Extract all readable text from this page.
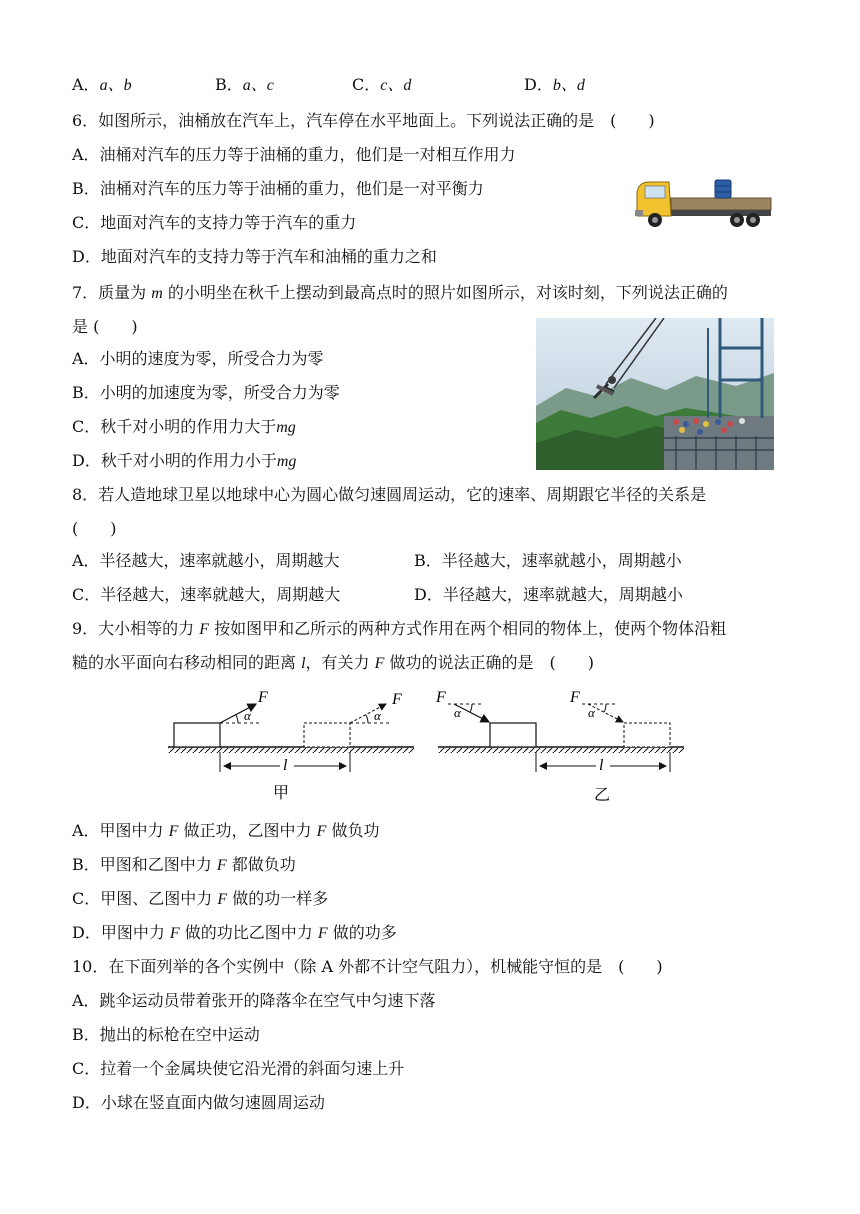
A．a、b	B．a、c	C．c、d	D．b、d
6．如图所示，油桶放在汽车上，汽车停在水平地面上。下列说法正确的是　(　　)
A．油桶对汽车的压力等于油桶的重力，他们是一对相互作用力
B．油桶对汽车的压力等于油桶的重力，他们是一对平衡力
C．地面对汽车的支持力等于汽车的重力
D．地面对汽车的支持力等于汽车和油桶的重力之和
7．质量为 m 的小明坐在秋千上摆动到最高点时的照片如图所示，对该时刻，下列说法正确的
是 (　　)
A．小明的速度为零，所受合力为零
B．小明的加速度为零，所受合力为零
C．秋千对小明的作用力大于mg
D．秋千对小明的作用力小于mg
8．若人造地球卫星以地球中心为圆心做匀速圆周运动，它的速率、周期跟它半径的关系是
(　　)
A．半径越大，速率就越小，周期越大	B．半径越大，速率就越小，周期越小
C．半径越大，速率就越大，周期越大	D．半径越大，速率就越大，周期越小
9．大小相等的力 F 按如图甲和乙所示的两种方式作用在两个相同的物体上，使两个物体沿粗
糙的水平面向右移动相同的距离 l，有关力 F 做功的说法正确的是　(　　)
F
α
F
α
l
甲
F
α
F
α
l
乙
A．甲图中力 F 做正功，乙图中力 F 做负功
B．甲图和乙图中力 F 都做负功
C．甲图、乙图中力 F 做的功一样多
D．甲图中力 F 做的功比乙图中力 F 做的功多
10．在下面列举的各个实例中（除 A 外都不计空气阻力），机械能守恒的是　(　　)
A．跳伞运动员带着张开的降落伞在空气中匀速下落
B．抛出的标枪在空中运动
C．拉着一个金属块使它沿光滑的斜面匀速上升
D．小球在竖直面内做匀速圆周运动
